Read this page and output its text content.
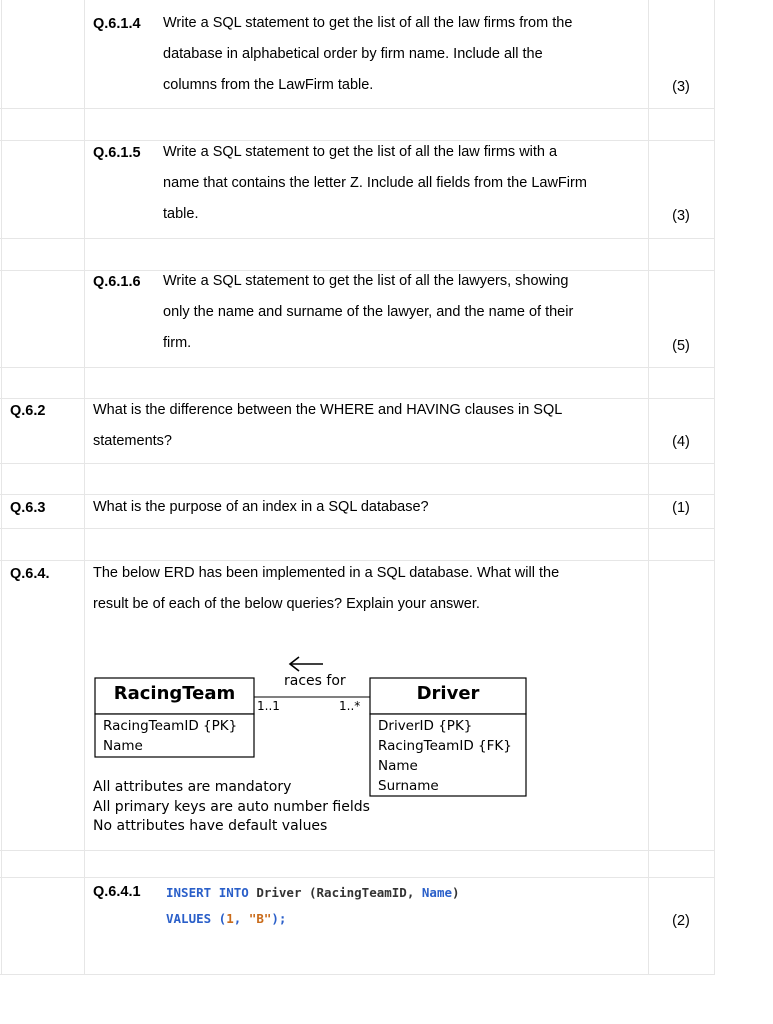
Q.6.1.4 Write a SQL statement to get the list of all the law firms from the
database in alphabetical order by firm name. Include all the
columns from the LawFirm table.	(3)
Q.6.1.5 Write a SQL statement to get the list of all the law firms with a
name that contains the letter Z. Include all fields from the LawFirm
table.	(3)
Q.6.1.6 Write a SQL statement to get the list of all the lawyers, showing
only the name and surname of the lawyer, and the name of their
firm.	(5)
Q.6.2	What is the difference between the WHERE and HAVING clauses in SQL
statements?	(4)
Q.6.3	What is the purpose of an index in a SQL database?	(1)
Q.6.4.	The below ERD has been implemented in a SQL database. What will the
result be of each of the below queries? Explain your answer.
races for
1..1	1..*
RacingTeam
RacingTeamID {PK}
Name
Driver
DriverID {PK}
RacingTeamID {FK}
Name
Surname
All attributes are mandatory
All primary keys are auto number fields
No attributes have default values
Q.6.4.1 INSERT INTO Driver (RacingTeamID, Name)
VALUES (1, "B");	(2)
